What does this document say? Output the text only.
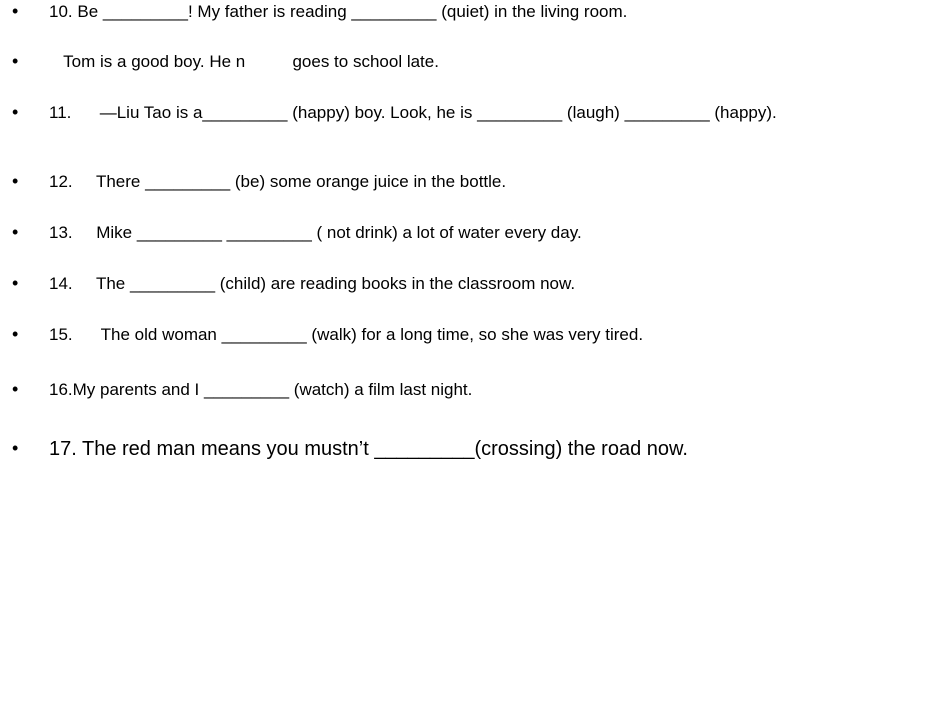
• 10. Be _________! My father is reading _________ (quiet) in the living room.
• Tom is a good boy. He n          goes to school late.
• 11.      —Liu Tao is a_________ (happy) boy. Look, he is _________ (laugh) _________ (happy).
• 12.     There _________ (be) some orange juice in the bottle.
• 13.     Mike _________ _________ ( not drink) a lot of water every day.
• 14.     The _________ (child) are reading books in the classroom now.
• 15.      The old woman _________ (walk) for a long time, so she was very tired.
• 16.My parents and I _________ (watch) a film last night.
• 17. The red man means you mustn’t _________(crossing) the road now.
